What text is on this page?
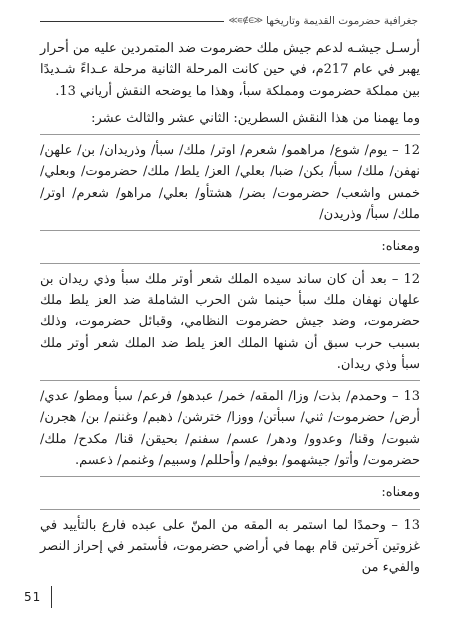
جغرافية حضرموت القديمة وتاريخها
≪∋∌∍≫

أرسـل جيشـه لدعم جيش ملك حضرموت ضد المتمردين عليه من أحرار يهبر في عام 217م، في حين كانت المرحلة الثانية مرحلة عـداءً شـديدًا بين مملكة حضرموت ومملكة سبأ، وهذا ما يوضحه النقش أرياني 13.

وما يهمنا من هذا النقش السطرين: الثاني عشر والثالث عشر:

12 – يوم/ شوع/ مراهمو/ شعرم/ اوتر/ ملك/ سبأ/ وذريدان/ بن/ علهن/ نهفن/ ملك/ سبأ/ بكن/ ضبا/ بعلي/ العز/ يلط/ ملك/ حضرموت/ وبعلي/ خمس واشعب/ حضرموت/ بضر/ هشتأو/ بعلي/ مراهو/ شعرم/ اوتر/ ملك/ سبأ/ وذريدن/

ومعناه:

12 – بعد أن كان ساند سيده الملك شعر أوتر ملك سبأ وذي ريدان بن علهان نهفان ملك سبأ حينما شن الحرب الشاملة ضد العز يلط ملك حضرموت، وضد جيش حضرموت النظامي، وقبائل حضرموت، وذلك بسبب حرب سبق أن شنها الملك العز يلط ضد الملك شعر أوتر ملك سبأ وذي ريدان.

13 – وحمدم/ بذت/ وزا/ المقه/ خمر/ عبدهو/ فرعم/ سبأ ومطو/ عدي/ أرض/ حضرموت/ ثني/ سبأتن/ ووزا/ خترشن/ ذهبم/ وغننم/ بن/ هجرن/ شبوت/ وقنا/ وعدوو/ ودهر/ عسم/ سفنم/ بحيقن/ قنا/ مكدح/ ملك/ حضرموت/ وأتو/ جيشهمو/ بوفيم/ وأحللم/ وسبيم/ وغنمم/ ذعسم.

ومعناه:

13 – وحمدًا لما استمر به المقه من المنّ على عبده فارع بالتأييد في غزوتين آخرتين قام بهما في أراضي حضرموت، فأستمر في إحراز النصر والفيء من

51
